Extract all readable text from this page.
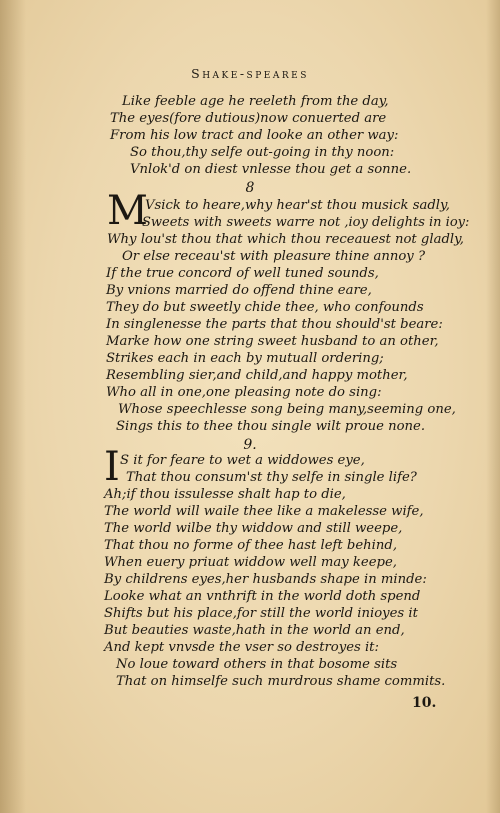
Shake-speares
Like feeble age he reeleth from the day,
The eyes(fore dutious)now conuerted are
From his low tract and looke an other way:
So thou,thy selfe out-going in thy noon:
Vnlok'd on diest vnlesse thou get a sonne.
8
M
Vsick to heare,why hear'st thou musick sadly,
Sweets with sweets warre not ,ioy delights in ioy:
Why lou'st thou that which thou receauest not gladly,
Or else receau'st with pleasure thine annoy ?
If the true concord of well tuned sounds,
By vnions married do offend thine eare,
They do but sweetly chide thee, who confounds
In singlenesse the parts that thou should'st beare:
Marke how one string sweet husband to an other,
Strikes each in each by mutuall ordering;
Resembling sier,and child,and happy mother,
Who all in one,one pleasing note do sing:
Whose speechlesse song being many,seeming one,
Sings this to thee thou single wilt proue none.
9.
I S it for feare to wet a widdowes eye,
That thou consum'st thy selfe in single life?
Ah;if thou issulesse shalt hap to die,
The world will waile thee like a makelesse wife,
The world wilbe thy widdow and still weepe,
That thou no forme of thee hast left behind,
When euery priuat widdow well may keepe,
By childrens eyes,her husbands shape in minde:
Looke what an vnthrift in the world doth spend
Shifts but his place,for still the world inioyes it
But beauties waste,hath in the world an end,
And kept vnvsde the vser so destroyes it:
No loue toward others in that bosome sits
That on himselfe such murdrous shame commits.
10.
